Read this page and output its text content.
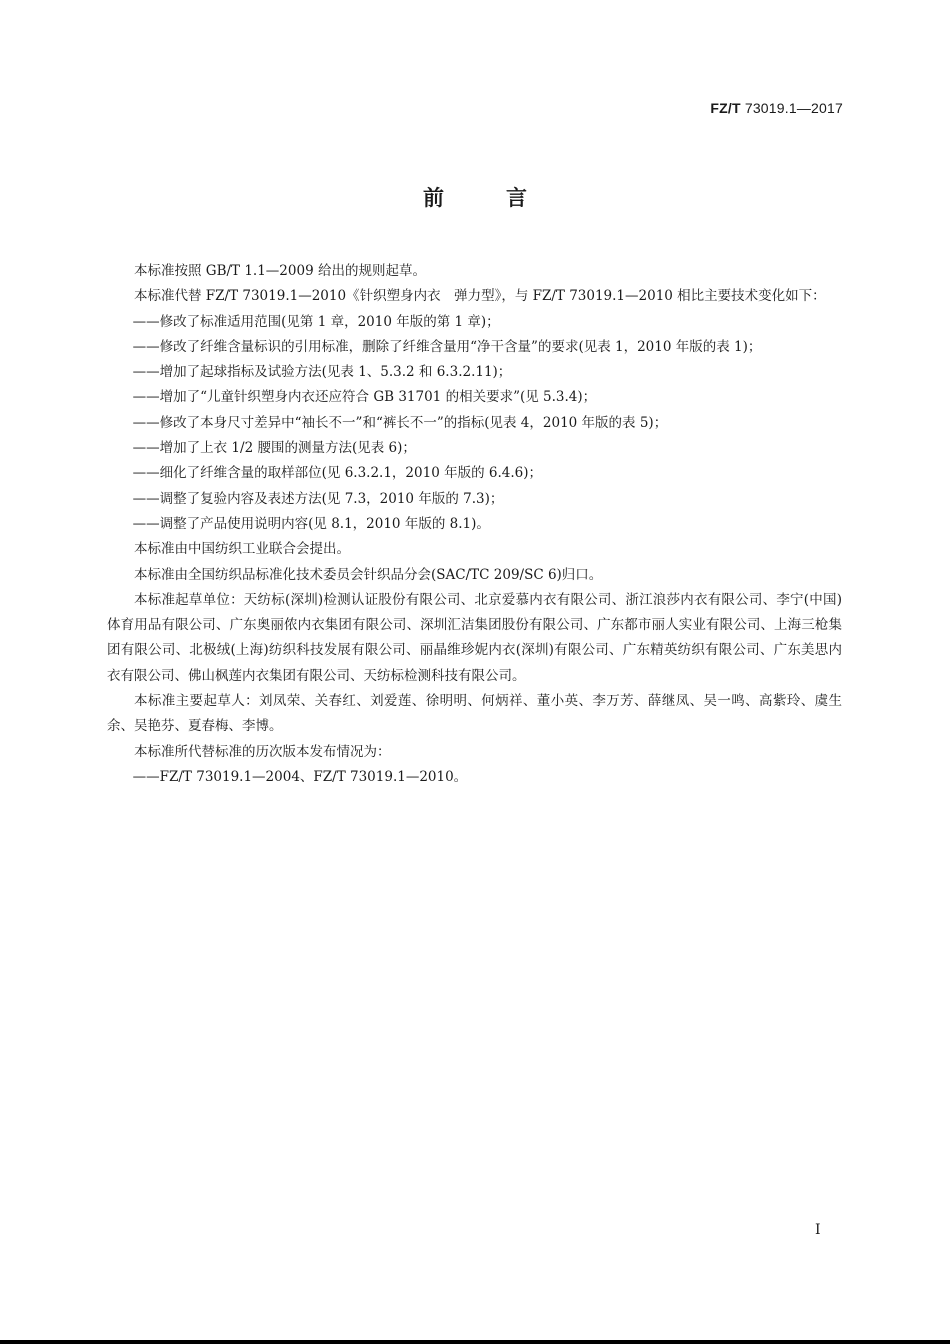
FZ/T 73019.1—2017
前言

本标准按照 GB/T 1.1—2009 给出的规则起草。

本标准代替 FZ/T 73019.1—2010《针织塑身内衣　弹力型》，与 FZ/T 73019.1—2010 相比主要技术变化如下：

——修改了标准适用范围(见第 1 章，2010 年版的第 1 章)；

——修改了纤维含量标识的引用标准，删除了纤维含量用“净干含量”的要求(见表 1，2010 年版的表 1)；

——增加了起球指标及试验方法(见表 1、5.3.2 和 6.3.2.11)；

——增加了“儿童针织塑身内衣还应符合 GB 31701 的相关要求”(见 5.3.4)；

——修改了本身尺寸差异中“袖长不一”和“裤长不一”的指标(见表 4，2010 年版的表 5)；

——增加了上衣 1/2 腰围的测量方法(见表 6)；

——细化了纤维含量的取样部位(见 6.3.2.1，2010 年版的 6.4.6)；

——调整了复验内容及表述方法(见 7.3，2010 年版的 7.3)；

——调整了产品使用说明内容(见 8.1，2010 年版的 8.1)。

本标准由中国纺织工业联合会提出。

本标准由全国纺织品标准化技术委员会针织品分会(SAC/TC 209/SC 6)归口。

本标准起草单位：天纺标(深圳)检测认证股份有限公司、北京爱慕内衣有限公司、浙江浪莎内衣有限公司、李宁(中国)体育用品有限公司、广东奥丽侬内衣集团有限公司、深圳汇洁集团股份有限公司、广东都市丽人实业有限公司、上海三枪集团有限公司、北极绒(上海)纺织科技发展有限公司、丽晶维珍妮内衣(深圳)有限公司、广东精英纺织有限公司、广东美思内衣有限公司、佛山枫莲内衣集团有限公司、天纺标检测科技有限公司。

本标准主要起草人：刘凤荣、关春红、刘爱莲、徐明明、何炳祥、董小英、李万芳、薛继凤、吴一鸣、高紫玲、虞生余、吴艳芬、夏春梅、李博。

本标准所代替标准的历次版本发布情况为：

——FZ/T 73019.1—2004、FZ/T 73019.1—2010。

I
